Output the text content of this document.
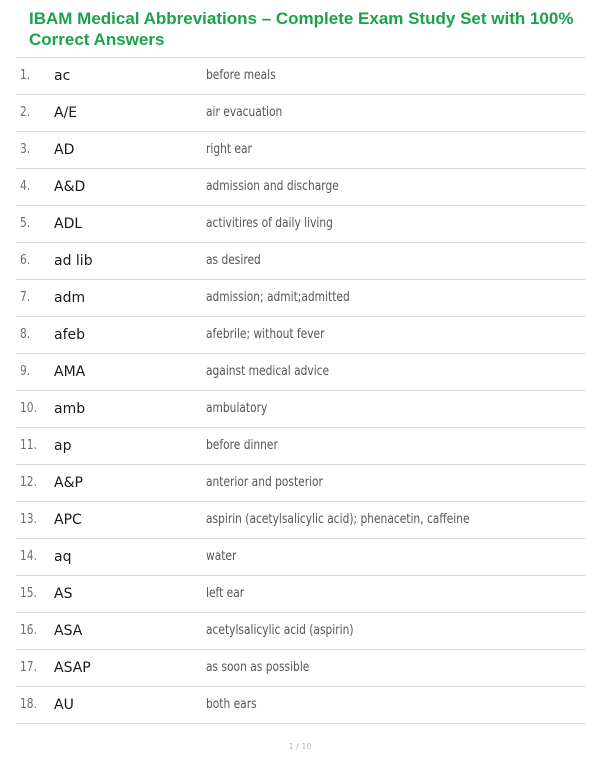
IBAM Medical Abbreviations – Complete Exam Study Set with 100% Correct Answers
1. ac	before meals
2. A/E	air evacuation
3. AD	right ear
4. A&D	admission and discharge
5. ADL	activitires of daily living
6. ad lib	as desired
7. adm	admission; admit;admitted
8. afeb	afebrile; without fever
9. AMA	against medical advice
10. amb	ambulatory
11. ap	before dinner
12. A&P	anterior and posterior
13. APC	aspirin (acetylsalicylic acid); phenacetin, caffeine
14. aq	water
15. AS	left ear
16. ASA	acetylsalicylic acid (aspirin)
17. ASAP	as soon as possible
18. AU	both ears
1 / 10
